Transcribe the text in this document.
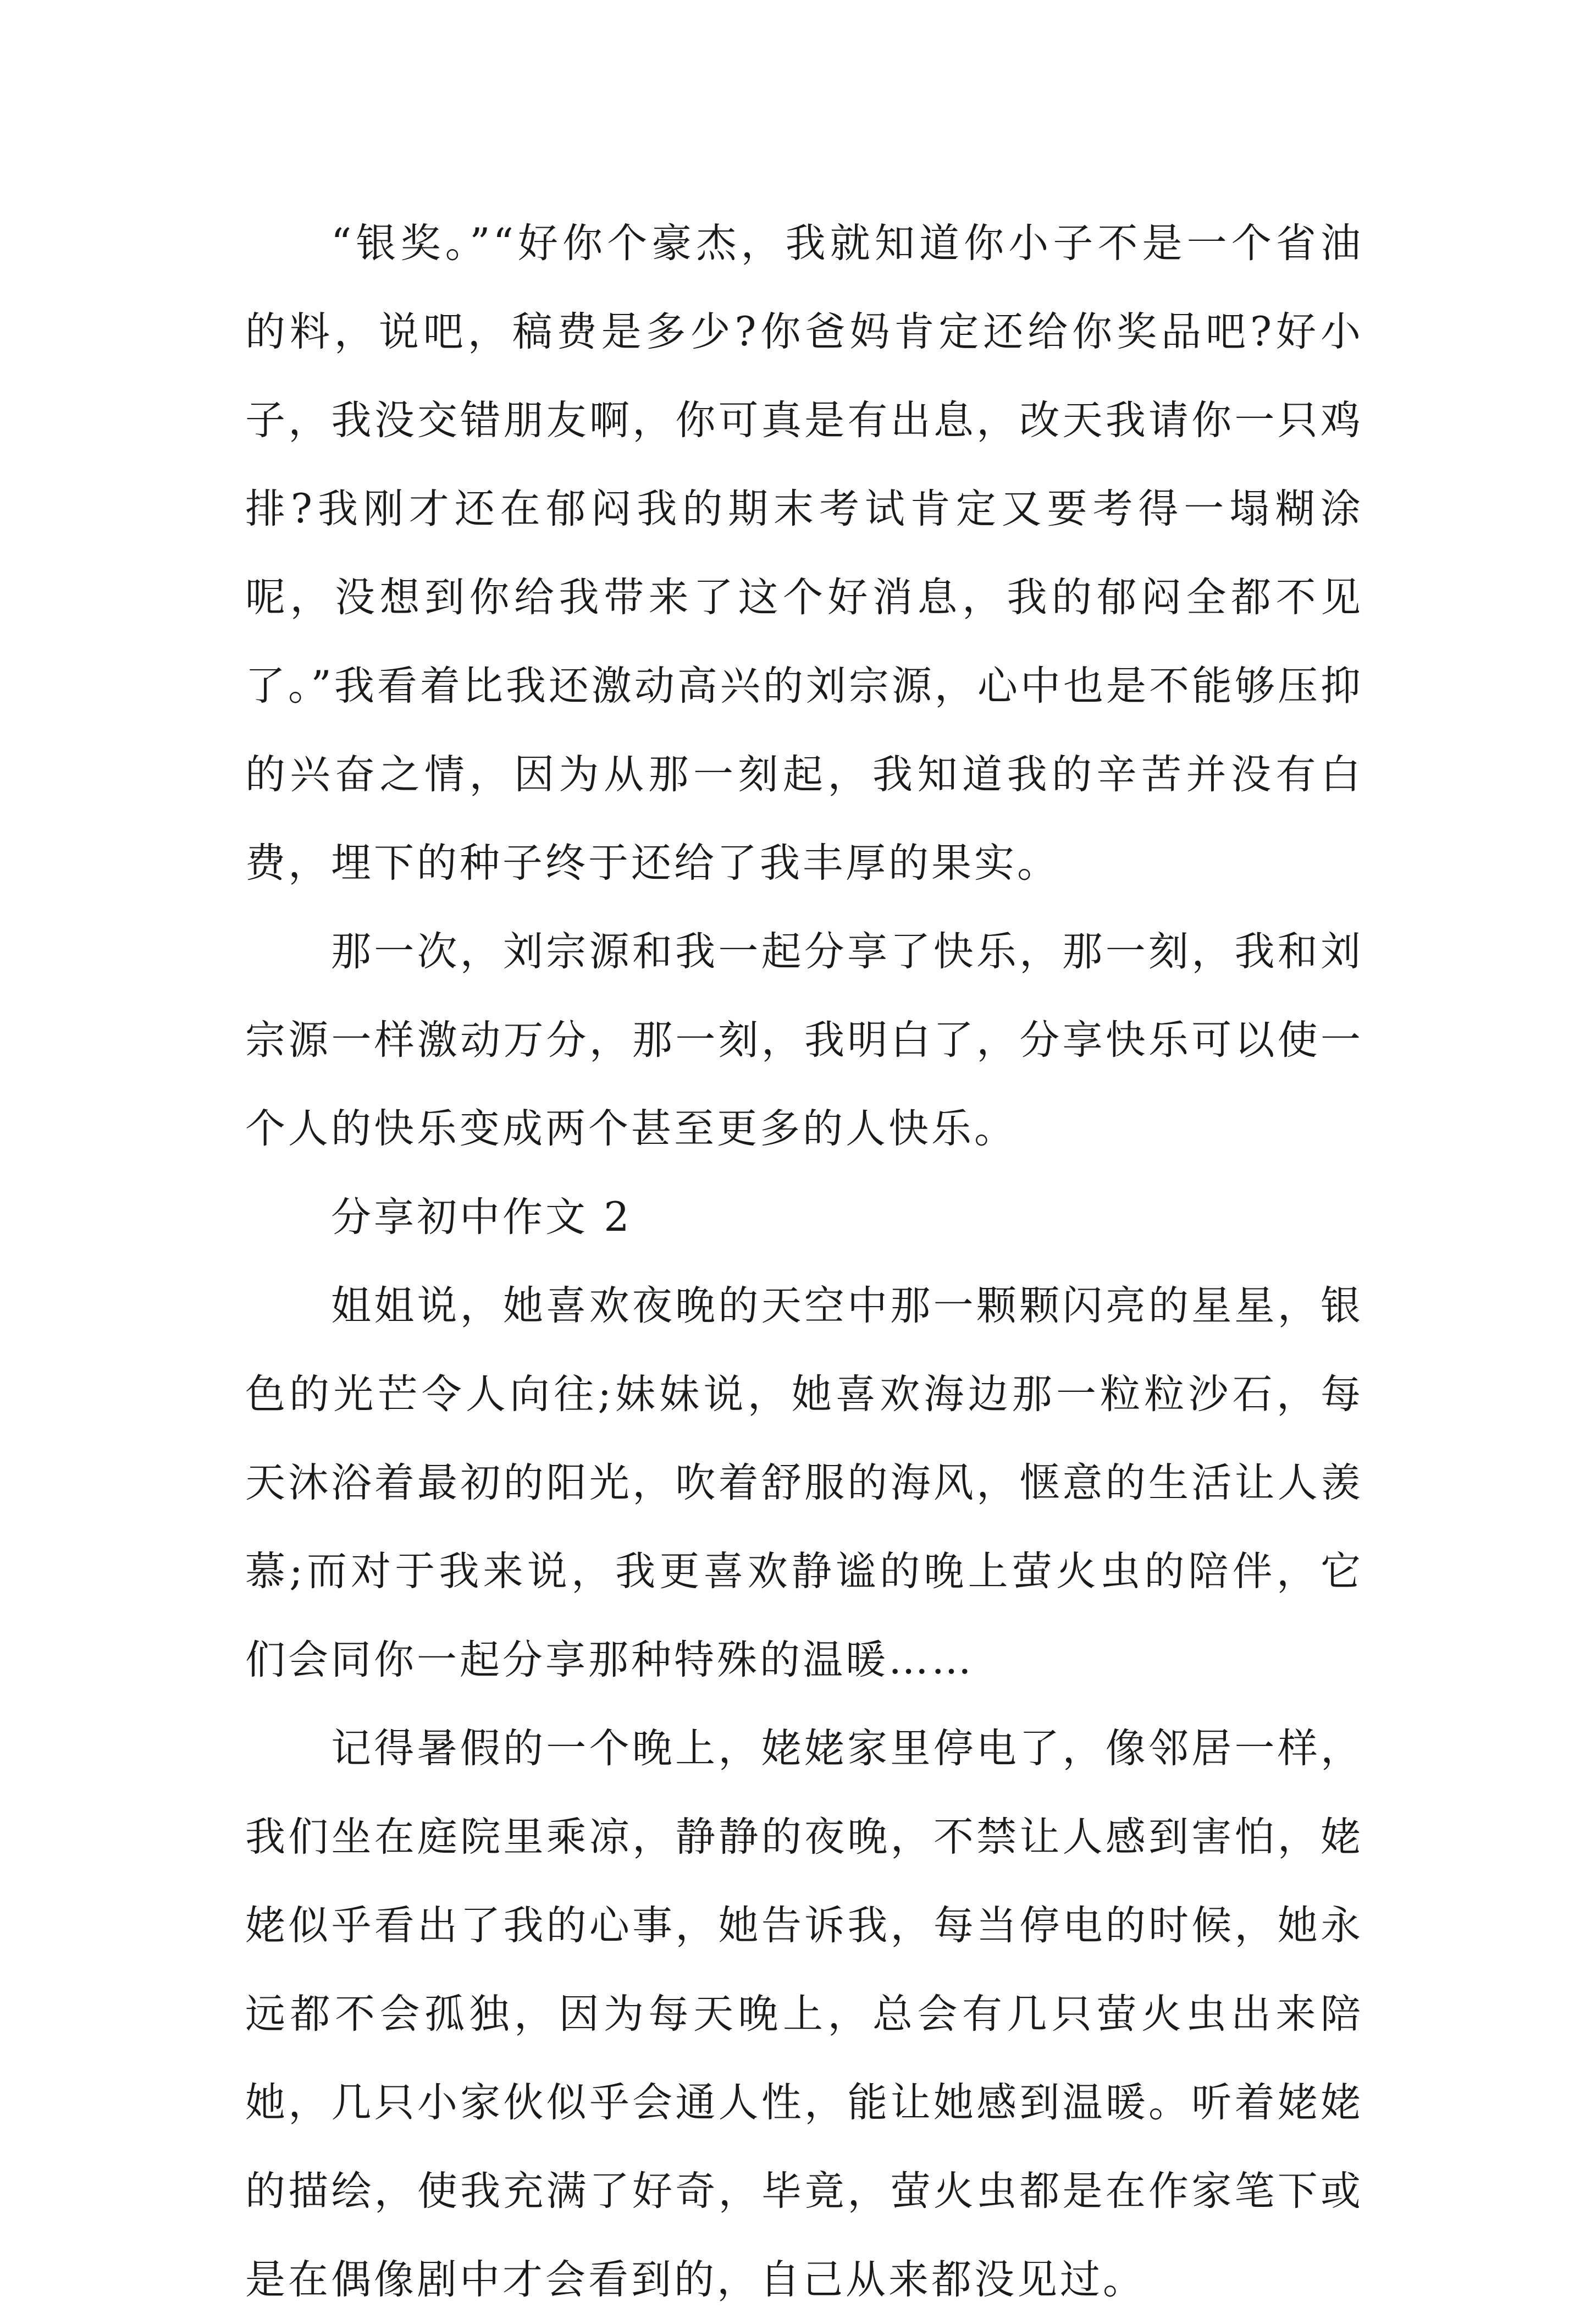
“银奖。”“好你个豪杰，我就知道你小子不是一个省油的料，说吧，稿费是多少?你爸妈肯定还给你奖品吧?好小子，我没交错朋友啊，你可真是有出息，改天我请你一只鸡排?我刚才还在郁闷我的期末考试肯定又要考得一塌糊涂呢，没想到你给我带来了这个好消息，我的郁闷全都不见了。”我看着比我还激动高兴的刘宗源，心中也是不能够压抑的兴奋之情，因为从那一刻起，我知道我的辛苦并没有白费，埋下的种子终于还给了我丰厚的果实。

那一次，刘宗源和我一起分享了快乐，那一刻，我和刘宗源一样激动万分，那一刻，我明白了，分享快乐可以使一个人的快乐变成两个甚至更多的人快乐。

分享初中作文 2

姐姐说，她喜欢夜晚的天空中那一颗颗闪亮的星星，银色的光芒令人向往;妹妹说，她喜欢海边那一粒粒沙石，每天沐浴着最初的阳光，吹着舒服的海风，惬意的生活让人羡慕;而对于我来说，我更喜欢静谧的晚上萤火虫的陪伴，它们会同你一起分享那种特殊的温暖……

记得暑假的一个晚上，姥姥家里停电了，像邻居一样，我们坐在庭院里乘凉，静静的夜晚，不禁让人感到害怕，姥姥似乎看出了我的心事，她告诉我，每当停电的时候，她永远都不会孤独，因为每天晚上，总会有几只萤火虫出来陪她，几只小家伙似乎会通人性，能让她感到温暖。听着姥姥的描绘，使我充满了好奇，毕竟，萤火虫都是在作家笔下或是在偶像剧中才会看到的，自己从来都没见过。
